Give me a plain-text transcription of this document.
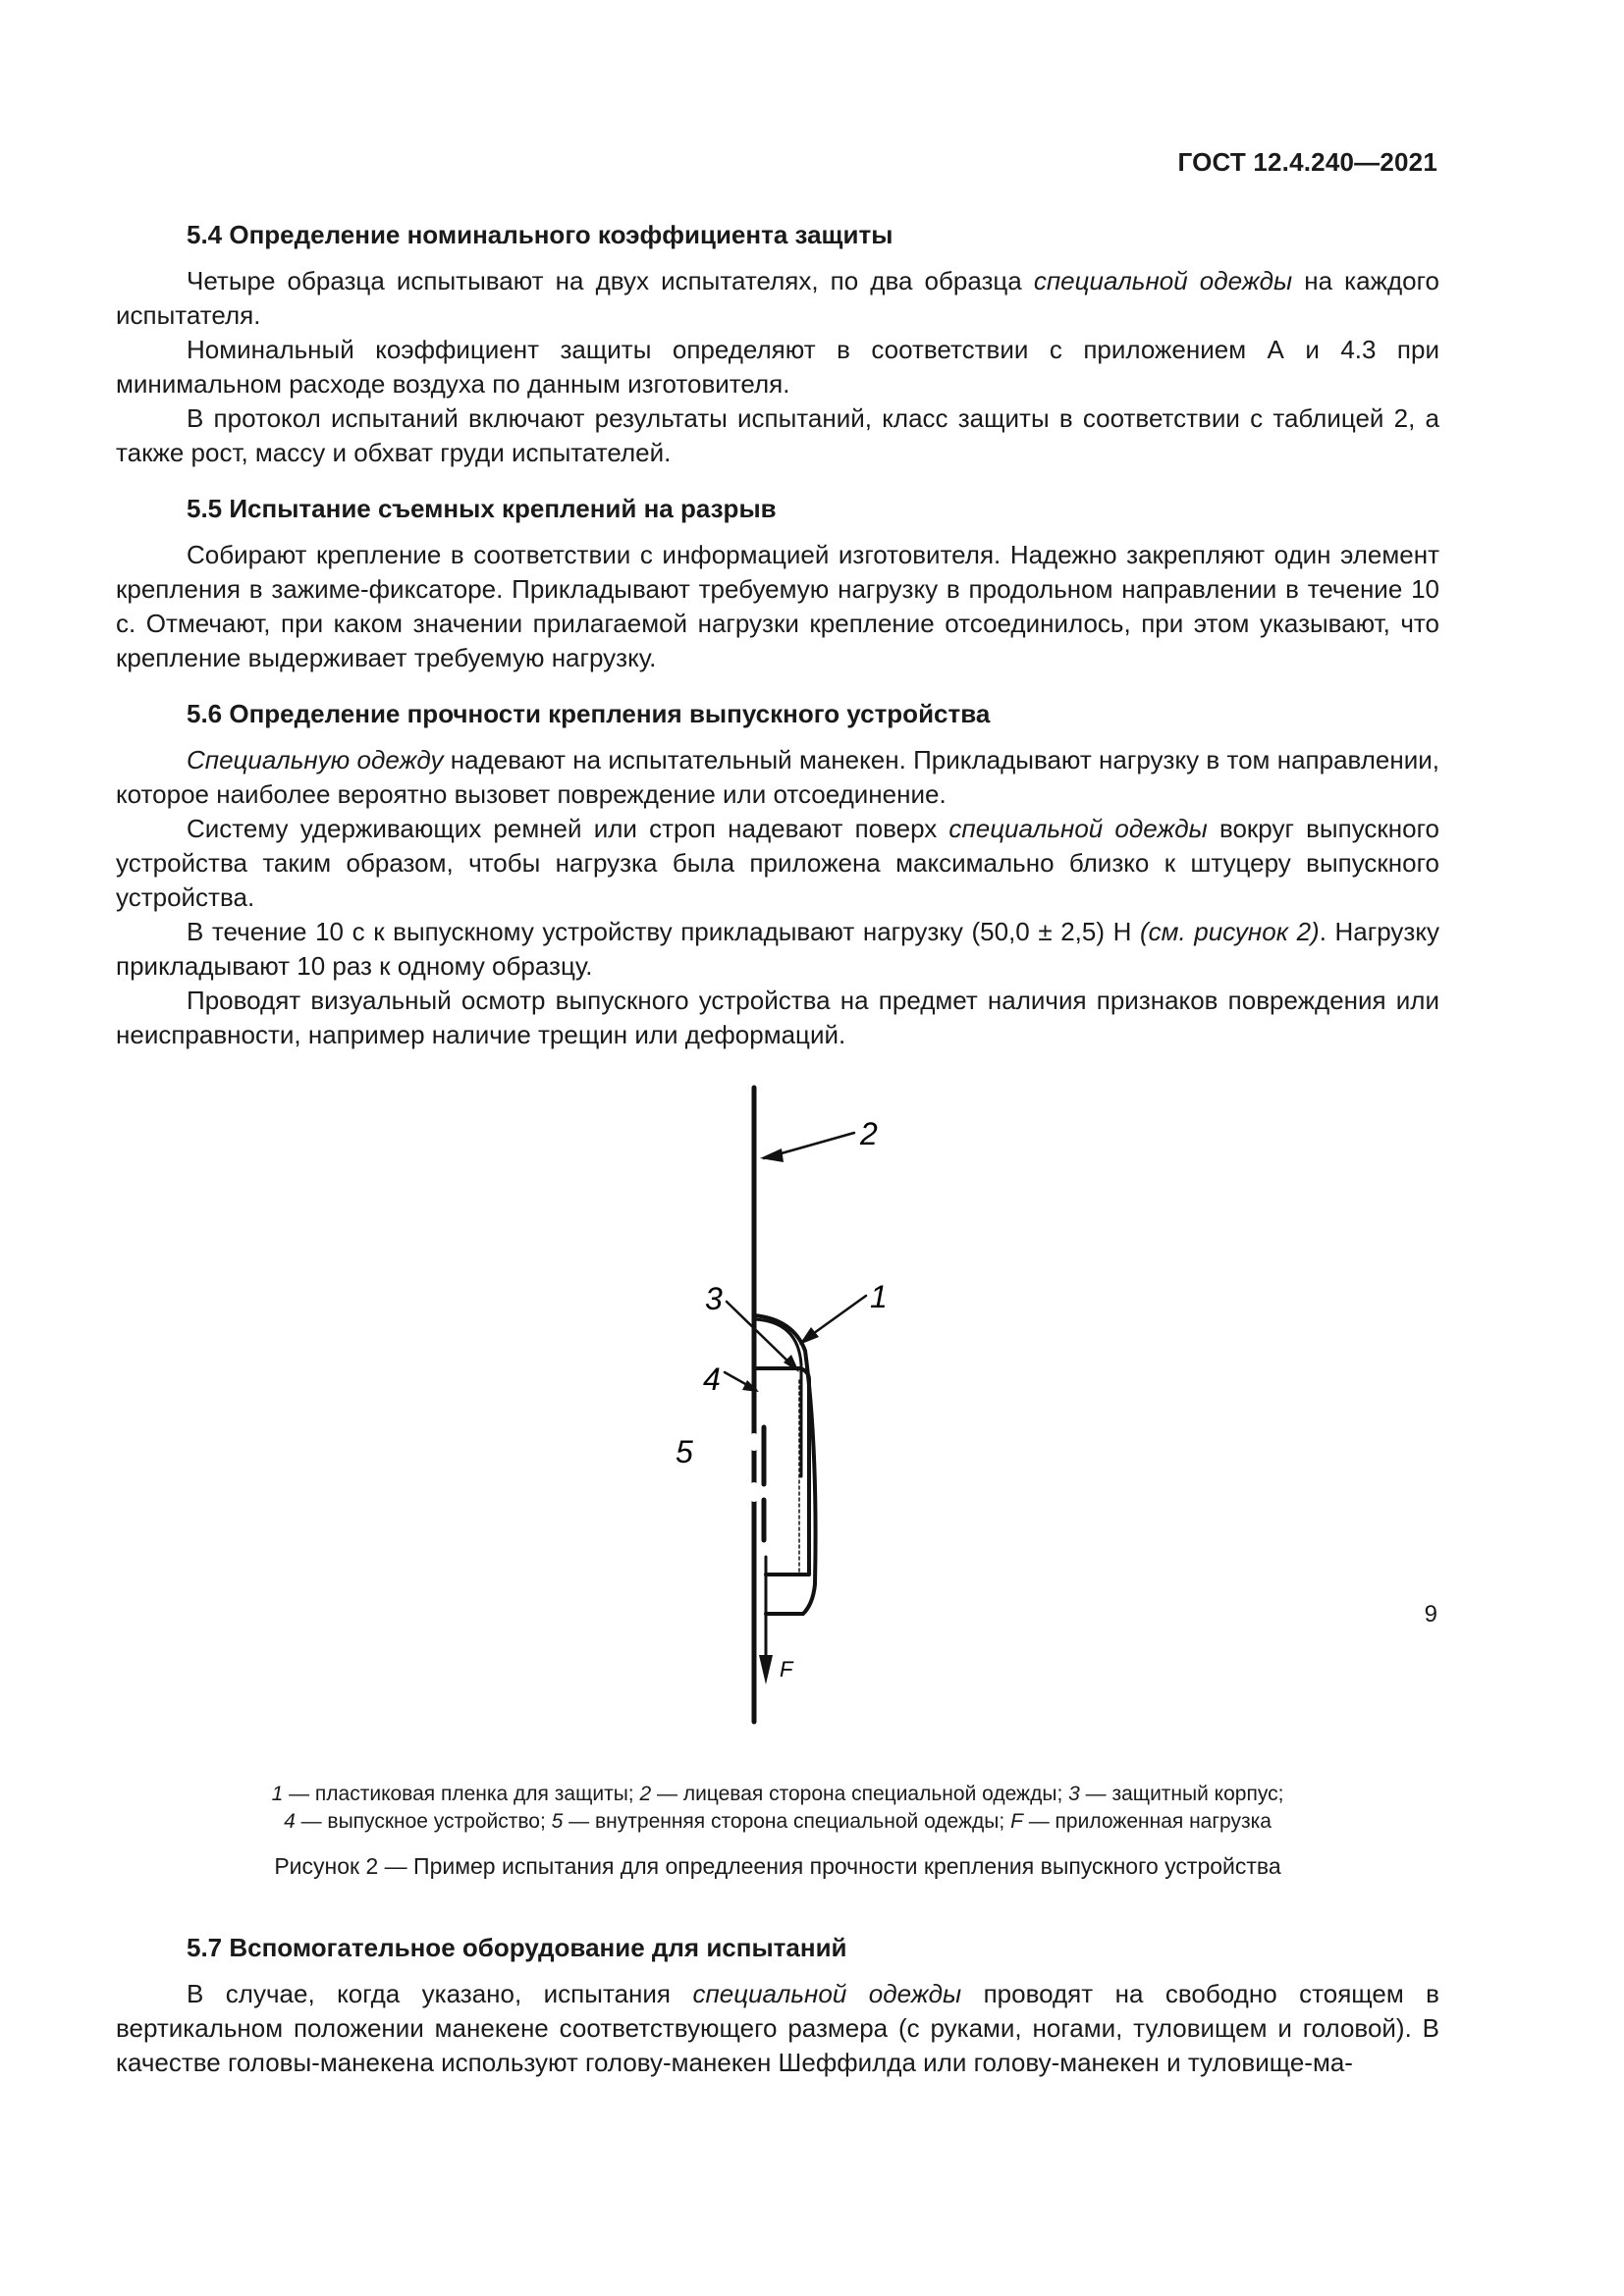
ГОСТ 12.4.240—2021
5.4 Определение номинального коэффициента защиты

Четыре образца испытывают на двух испытателях, по два образца специальной одежды на каждого испытателя.

Номинальный коэффициент защиты определяют в соответствии с приложением А и 4.3 при минимальном расходе воздуха по данным изготовителя.

В протокол испытаний включают результаты испытаний, класс защиты в соответствии с таблицей 2, а также рост, массу и обхват груди испытателей.

5.5 Испытание съемных креплений на разрыв

Собирают крепление в соответствии с информацией изготовителя. Надежно закрепляют один элемент крепления в зажиме-фиксаторе. Прикладывают требуемую нагрузку в продольном направлении в течение 10 с. Отмечают, при каком значении прилагаемой нагрузки крепление отсоединилось, при этом указывают, что крепление выдерживает требуемую нагрузку.

5.6 Определение прочности крепления выпускного устройства

Специальную одежду надевают на испытательный манекен. Прикладывают нагрузку в том направлении, которое наиболее вероятно вызовет повреждение или отсоединение.

Систему удерживающих ремней или строп надевают поверх специальной одежды вокруг выпускного устройства таким образом, чтобы нагрузка была приложена максимально близко к штуцеру выпускного устройства.

В течение 10 с к выпускному устройству прикладывают нагрузку (50,0 ± 2,5) Н (см. рисунок 2). Нагрузку прикладывают 10 раз к одному образцу.

Проводят визуальный осмотр выпускного устройства на предмет наличия признаков повреждения или неисправности, например наличие трещин или деформаций.

2
1
3
4
5
F
1 — пластиковая пленка для защиты; 2 — лицевая сторона специальной одежды; 3 — защитный корпус;
4 — выпускное устройство; 5 — внутренняя сторона специальной одежды; F — приложенная нагрузка
Рисунок 2 — Пример испытания для опредлеения прочности крепления выпускного устройства
5.7 Вспомогательное оборудование для испытаний

В случае, когда указано, испытания специальной одежды проводят на свободно стоящем в вертикальном положении манекене соответствующего размера (с руками, ногами, туловищем и головой). В качестве головы-манекена используют голову-манекен Шеффилда или голову-манекен и туловище-ма-

9
